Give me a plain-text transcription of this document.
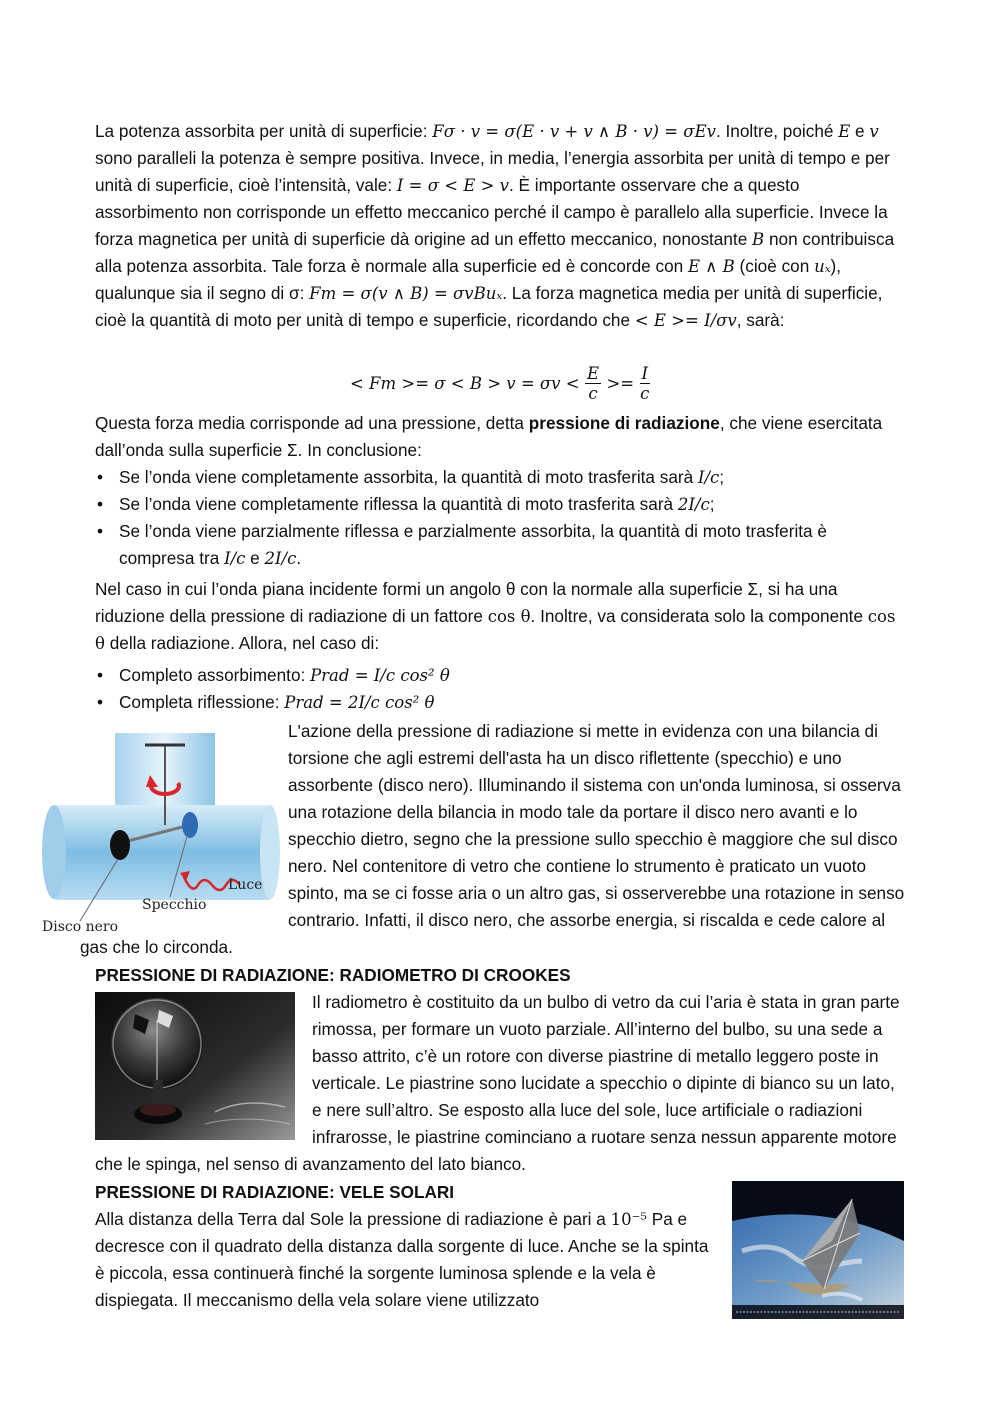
La potenza assorbita per unità di superficie: Fσ · v = σ(E · v + v ∧ B · v) = σEv. Inoltre, poiché E e v sono paralleli la potenza è sempre positiva. Invece, in media, l’energia assorbita per unità di tempo e per unità di superficie, cioè l’intensità, vale: I = σ < E > v. È importante osservare che a questo assorbimento non corrisponde un effetto meccanico perché il campo è parallelo alla superficie. Invece la forza magnetica per unità di superficie dà origine ad un effetto meccanico, nonostante B non contribuisca alla potenza assorbita. Tale forza è normale alla superficie ed è concorde con E ∧ B (cioè con uₓ), qualunque sia il segno di σ: Fm = σ(v ∧ B) = σvBuₓ. La forza magnetica media per unità di superficie, cioè la quantità di moto per unità di tempo e superficie, ricordando che < E >= I/σv, sarà:
< $Fm >= \sigma < B > v = \sigma v < \frac{E}{c} >= \frac{I}{c}$
Questa forza media corrisponde ad una pressione, detta pressione di radiazione, che viene esercitata dall’onda sulla superficie Σ. In conclusione:
• Se l’onda viene completamente assorbita, la quantità di moto trasferita sarà I/c;
• Se l’onda viene completamente riflessa la quantità di moto trasferita sarà 2I/c;
• Se l’onda viene parzialmente riflessa e parzialmente assorbita, la quantità di moto trasferita è compresa tra I/c e 2I/c.
Nel caso in cui l’onda piana incidente formi un angolo θ con la normale alla superficie Σ, si ha una riduzione della pressione di radiazione di un fattore cos θ. Inoltre, va considerata solo la componente cos θ della radiazione. Allora, nel caso di:
• Completo assorbimento: Prad = I/c cos² θ
• Completa riflessione: Prad = 2I/c cos² θ
Luce
Specchio
Disco nero
L'azione della pressione di radiazione si mette in evidenza con una bilancia di torsione che agli estremi dell'asta ha un disco riflettente (specchio) e uno assorbente (disco nero). Illuminando il sistema con un'onda luminosa, si osserva una rotazione della bilancia in modo tale da portare il disco nero avanti e lo specchio dietro, segno che la pressione sullo specchio è maggiore che sul disco nero. Nel contenitore di vetro che contiene lo strumento è praticato un vuoto spinto, ma se ci fosse aria o un altro gas, si osserverebbe una rotazione in senso contrario. Infatti, il disco nero, che assorbe energia, si riscalda e cede calore al gas che lo circonda.
PRESSIONE DI RADIAZIONE: RADIOMETRO DI CROOKES
Il radiometro è costituito da un bulbo di vetro da cui l’aria è stata in gran parte rimossa, per formare un vuoto parziale. All’interno del bulbo, su una sede a basso attrito, c’è un rotore con diverse piastrine di metallo leggero poste in verticale. Le piastrine sono lucidate a specchio o dipinte di bianco su un lato, e nere sull’altro. Se esposto alla luce del sole, luce artificiale o radiazioni infrarosse, le piastrine cominciano a ruotare senza nessun apparente motore che le spinga, nel senso di avanzamento del lato bianco.
PRESSIONE DI RADIAZIONE: VELE SOLARI
Alla distanza della Terra dal Sole la pressione di radiazione è pari a 10⁻⁵ Pa e decresce con il quadrato della distanza dalla sorgente di luce. Anche se la spinta è piccola, essa continuerà finché la sorgente luminosa splende e la vela è dispiegata. Il meccanismo della vela solare viene utilizzato
